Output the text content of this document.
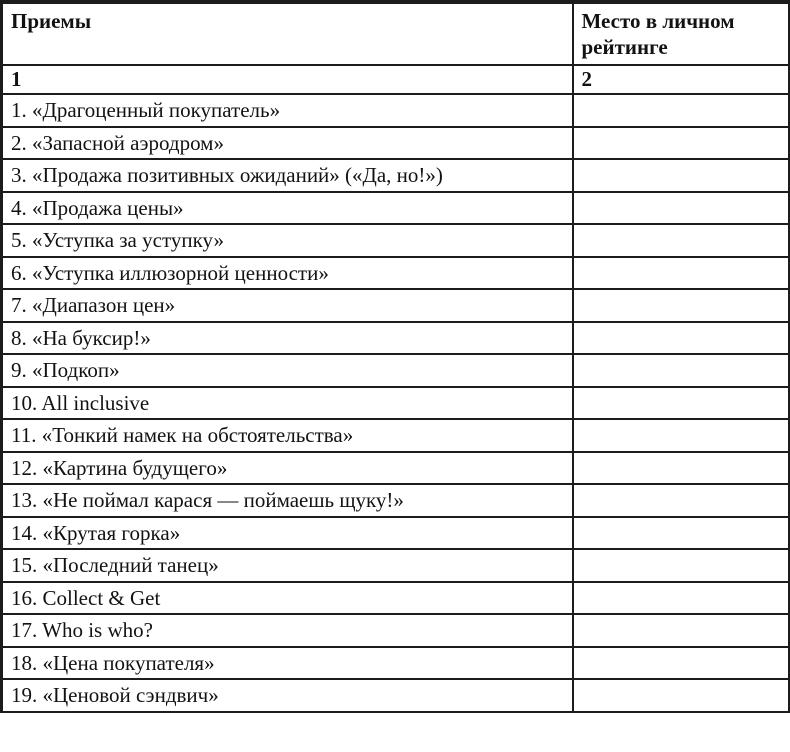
Приемы	Место в личном рейтинге
1	2
1. «Драгоценный покупатель»	
2. «Запасной аэродром»	
3. «Продажа позитивных ожиданий» («Да, но!»)	
4. «Продажа цены»	
5. «Уступка за уступку»	
6. «Уступка иллюзорной ценности»	
7. «Диапазон цен»	
8. «На буксир!»	
9. «Подкоп»	
10. All inclusive	
11. «Тонкий намек на обстоятельства»	
12. «Картина будущего»	
13. «Не поймал карася — поймаешь щуку!»	
14. «Крутая горка»	
15. «Последний танец»	
16. Collect & Get	
17. Who is who?	
18. «Цена покупателя»	
19. «Ценовой сэндвич»	
